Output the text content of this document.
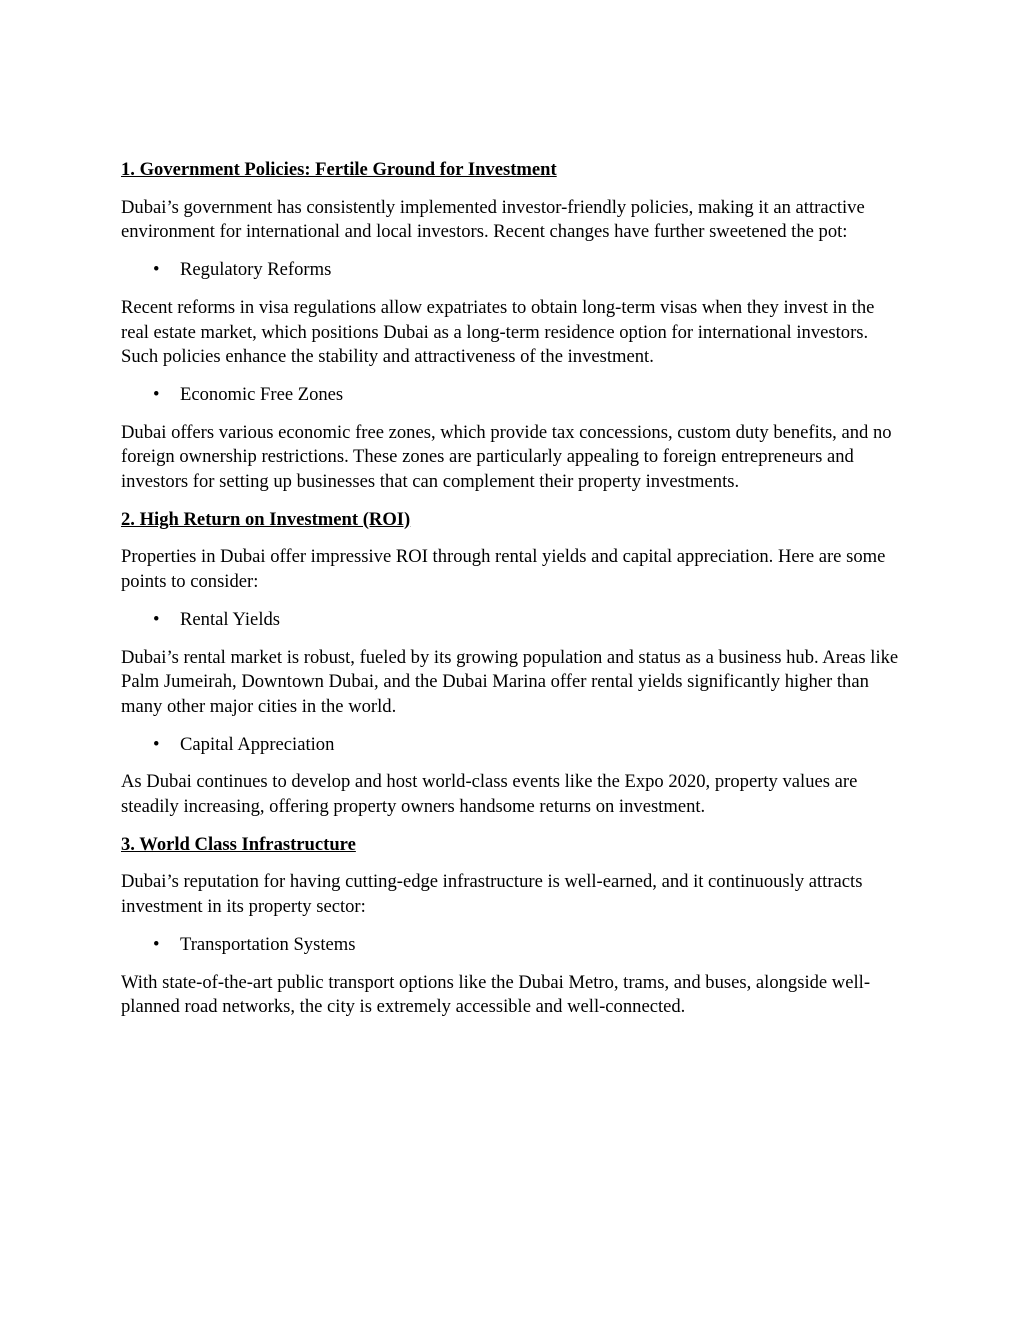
1. Government Policies: Fertile Ground for Investment
Dubai’s government has consistently implemented investor-friendly policies, making it an attractive environment for international and local investors. Recent changes have further sweetened the pot:
• Regulatory Reforms
Recent reforms in visa regulations allow expatriates to obtain long-term visas when they invest in the real estate market, which positions Dubai as a long-term residence option for international investors. Such policies enhance the stability and attractiveness of the investment.
• Economic Free Zones
Dubai offers various economic free zones, which provide tax concessions, custom duty benefits, and no foreign ownership restrictions. These zones are particularly appealing to foreign entrepreneurs and investors for setting up businesses that can complement their property investments.
2. High Return on Investment (ROI)
Properties in Dubai offer impressive ROI through rental yields and capital appreciation. Here are some points to consider:
• Rental Yields
Dubai’s rental market is robust, fueled by its growing population and status as a business hub. Areas like Palm Jumeirah, Downtown Dubai, and the Dubai Marina offer rental yields significantly higher than many other major cities in the world.
• Capital Appreciation
As Dubai continues to develop and host world-class events like the Expo 2020, property values are steadily increasing, offering property owners handsome returns on investment.
3. World Class Infrastructure
Dubai’s reputation for having cutting-edge infrastructure is well-earned, and it continuously attracts investment in its property sector:
• Transportation Systems
With state-of-the-art public transport options like the Dubai Metro, trams, and buses, alongside well-planned road networks, the city is extremely accessible and well-connected.
